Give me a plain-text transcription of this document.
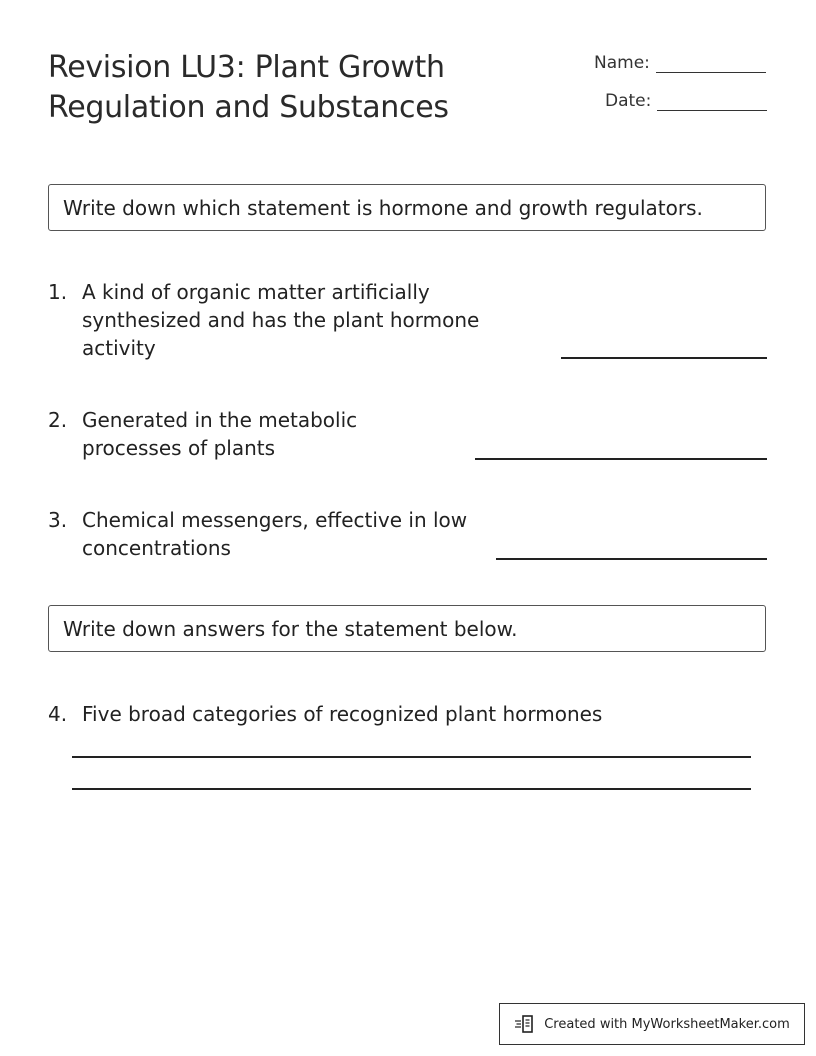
Revision LU3: Plant Growth
Regulation and Substances
Name:
Date:
Write down which statement is hormone and growth regulators.
1. A kind of organic matter artificially
synthesized and has the plant hormone
activity
2. Generated in the metabolic
processes of plants
3. Chemical messengers, effective in low
concentrations
Write down answers for the statement below.
4. Five broad categories of recognized plant hormones
Created with MyWorksheetMaker.com
